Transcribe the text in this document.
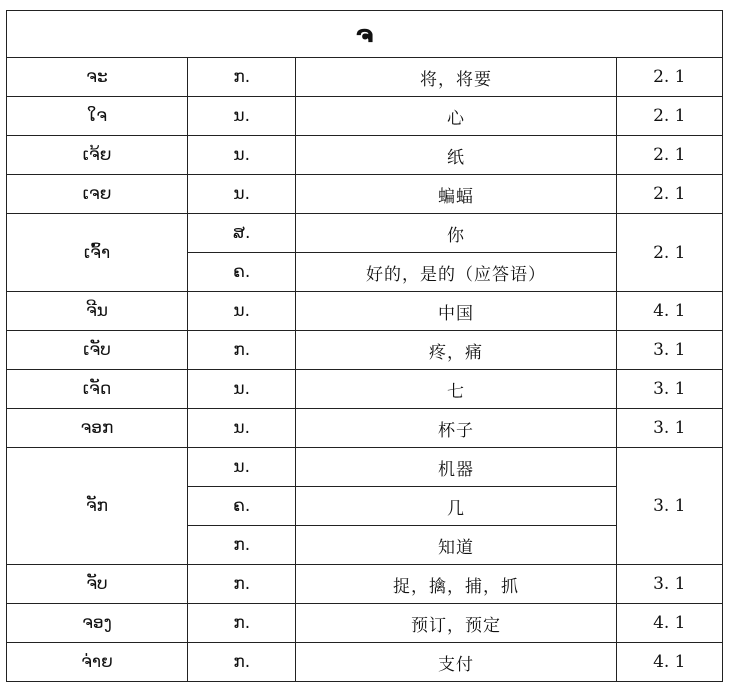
ຈ			
ຈະ	ກ.	将，将要	2. 1
ໃຈ	ນ.	心	2. 1
ເຈ້ຍ	ນ.	纸	2. 1
ເຈຍ	ນ.	蝙蝠	2. 1
ເຈົ້າ	ສ.	你	2. 1
	ຄ.	好的，是的（应答语）	
ຈີນ	ນ.	中国	4. 1
ເຈັບ	ກ.	疼，痛	3. 1
ເຈັດ	ນ.	七	3. 1
ຈອກ	ນ.	杯子	3. 1
ຈັກ	ນ.	机器	3. 1
	ຄ.	几	
	ກ.	知道	
ຈັບ	ກ.	捉，擒，捕，抓	3. 1
ຈອງ	ກ.	预订，预定	4. 1
ຈ່າຍ	ກ.	支付	4. 1
